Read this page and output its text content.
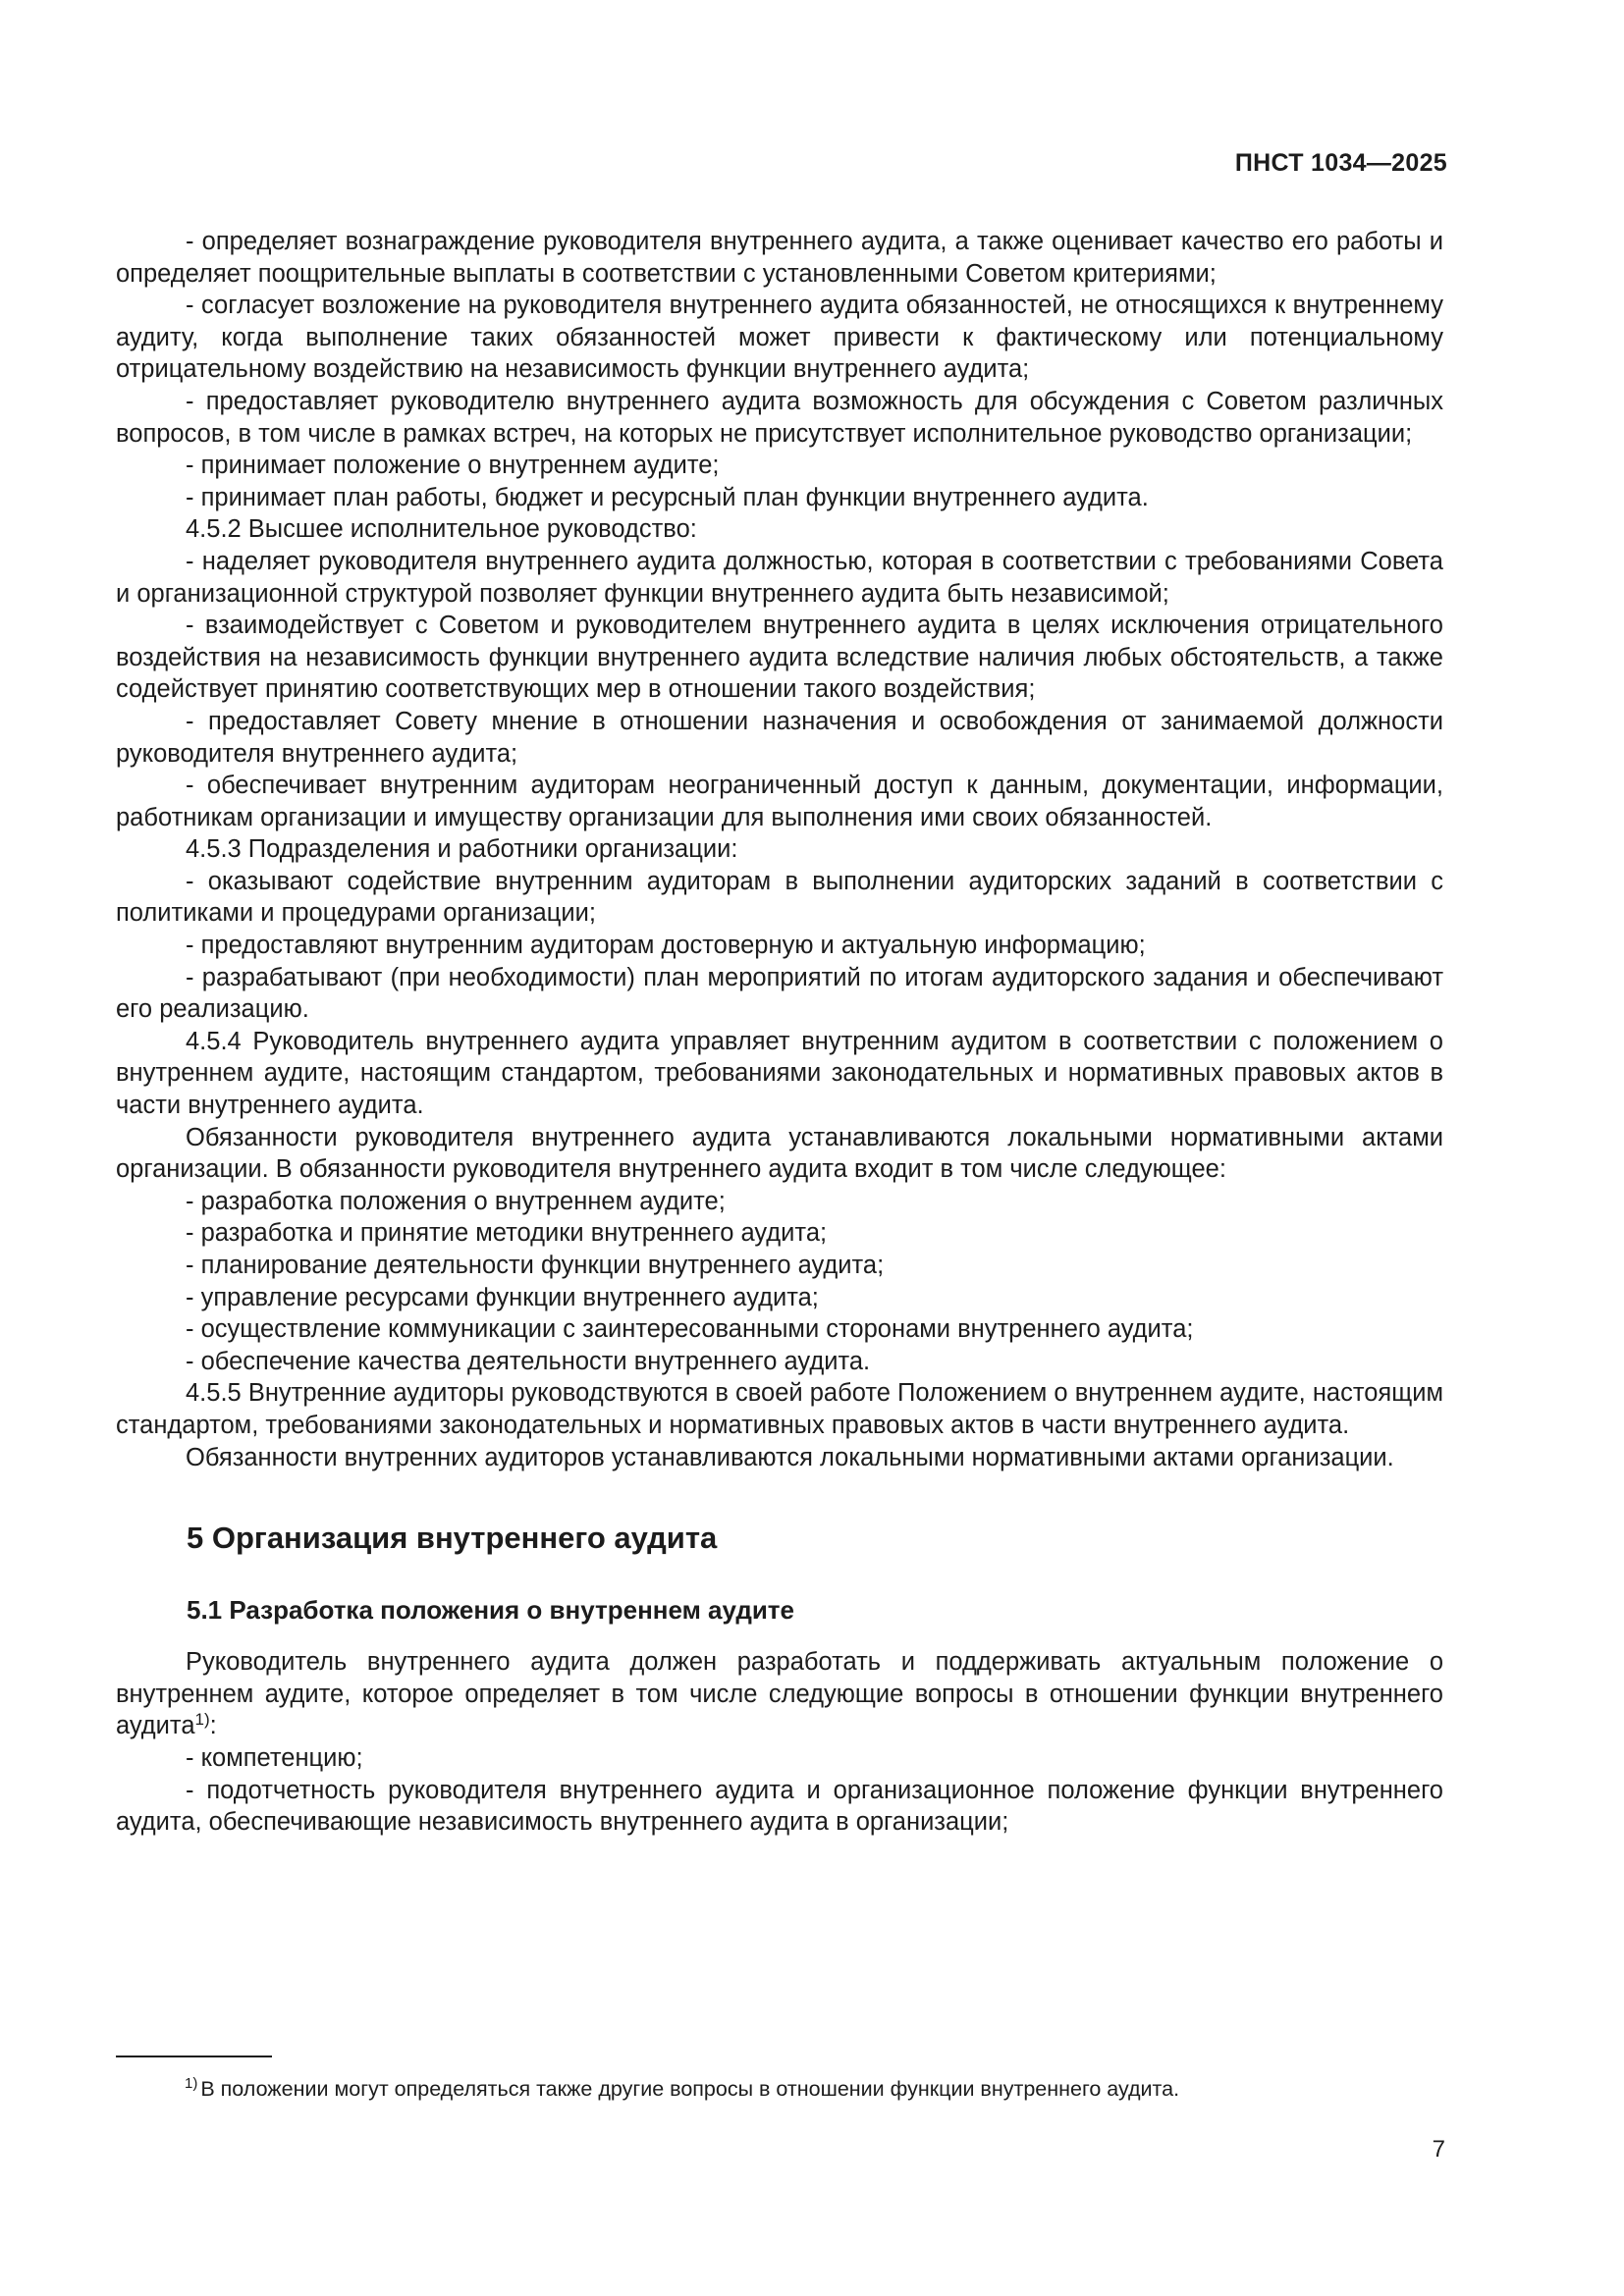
ПНСТ 1034—2025

- определяет вознаграждение руководителя внутреннего аудита, а также оценивает качество его работы и определяет поощрительные выплаты в соответствии с установленными Советом критериями;

- согласует возложение на руководителя внутреннего аудита обязанностей, не относящихся к внутреннему аудиту, когда выполнение таких обязанностей может привести к фактическому или потенциальному отрицательному воздействию на независимость функции внутреннего аудита;

- предоставляет руководителю внутреннего аудита возможность для обсуждения с Советом различных вопросов, в том числе в рамках встреч, на которых не присутствует исполнительное руководство организации;

- принимает положение о внутреннем аудите;

- принимает план работы, бюджет и ресурсный план функции внутреннего аудита.

4.5.2 Высшее исполнительное руководство:

- наделяет руководителя внутреннего аудита должностью, которая в соответствии с требованиями Совета и организационной структурой позволяет функции внутреннего аудита быть независимой;

- взаимодействует с Советом и руководителем внутреннего аудита в целях исключения отрицательного воздействия на независимость функции внутреннего аудита вследствие наличия любых обстоятельств, а также содействует принятию соответствующих мер в отношении такого воздействия;

- предоставляет Совету мнение в отношении назначения и освобождения от занимаемой должности руководителя внутреннего аудита;

- обеспечивает внутренним аудиторам неограниченный доступ к данным, документации, информации, работникам организации и имуществу организации для выполнения ими своих обязанностей.

4.5.3 Подразделения и работники организации:

- оказывают содействие внутренним аудиторам в выполнении аудиторских заданий в соответствии с политиками и процедурами организации;

- предоставляют внутренним аудиторам достоверную и актуальную информацию;

- разрабатывают (при необходимости) план мероприятий по итогам аудиторского задания и обеспечивают его реализацию.

4.5.4 Руководитель внутреннего аудита управляет внутренним аудитом в соответствии с положением о внутреннем аудите, настоящим стандартом, требованиями законодательных и нормативных правовых актов в части внутреннего аудита.

Обязанности руководителя внутреннего аудита устанавливаются локальными нормативными актами организации. В обязанности руководителя внутреннего аудита входит в том числе следующее:

- разработка положения о внутреннем аудите;

- разработка и принятие методики внутреннего аудита;

- планирование деятельности функции внутреннего аудита;

- управление ресурсами функции внутреннего аудита;

- осуществление коммуникации с заинтересованными сторонами внутреннего аудита;

- обеспечение качества деятельности внутреннего аудита.

4.5.5 Внутренние аудиторы руководствуются в своей работе Положением о внутреннем аудите, настоящим стандартом, требованиями законодательных и нормативных правовых актов в части внутреннего аудита.

Обязанности внутренних аудиторов устанавливаются локальными нормативными актами организации.

5 Организация внутреннего аудита

5.1 Разработка положения о внутреннем аудите

Руководитель внутреннего аудита должен разработать и поддерживать актуальным положение о внутреннем аудите, которое определяет в том числе следующие вопросы в отношении функции внутреннего аудита$^{1)}$:

- компетенцию;

- подотчетность руководителя внутреннего аудита и организационное положение функции внутреннего аудита, обеспечивающие независимость внутреннего аудита в организации;

$^{1)}$ В положении могут определяться также другие вопросы в отношении функции внутреннего аудита.
7
